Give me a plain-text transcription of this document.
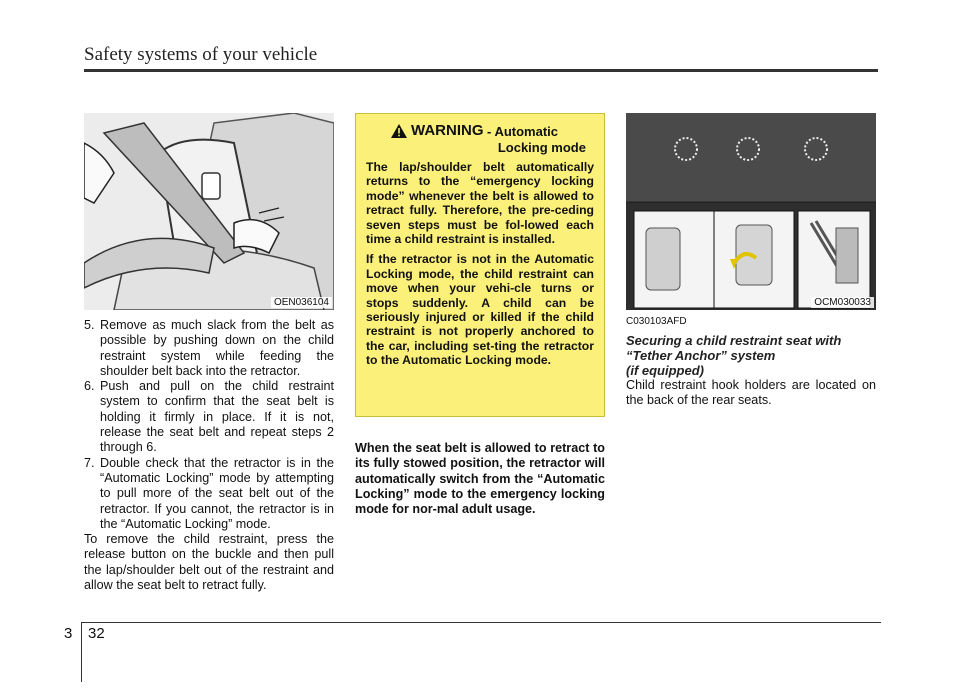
Safety systems of your vehicle
OEN036104
5. Remove as much slack from the belt as possible by pushing down on the child restraint system while feeding the shoulder belt back into the retractor.
6. Push and pull on the child restraint system to confirm that the seat belt is holding it firmly in place. If it is not, release the seat belt and repeat steps 2 through 6.
7. Double check that the retractor is in the “Automatic Locking” mode by attempting to pull more of the seat belt out of the retractor. If you cannot, the retractor is in the “Automatic Locking” mode.

To remove the child restraint, press the release button on the buckle and then pull the lap/shoulder belt out of the restraint and allow the seat belt to retract fully.

WARNING - Automatic
Locking mode

The lap/shoulder belt automatically returns to the “emergency locking mode” whenever the belt is allowed to retract fully. Therefore, the pre-ceding seven steps must be fol-lowed each time a child restraint is installed.

If the retractor is not in the Automatic Locking mode, the child restraint can move when your vehi-cle turns or stops suddenly. A child can be seriously injured or killed if the child restraint is not properly anchored to the car, including set-ting the retractor to the Automatic Locking mode.

When the seat belt is allowed to retract to its fully stowed position, the retractor will automatically switch from the “Automatic Locking” mode to the emergency locking mode for nor-mal adult usage.

OCM030033
C030103AFD

Securing a child restraint seat with
“Tether Anchor” system
(if equipped)

Child restraint hook holders are located on the back of the rear seats.

3 32
